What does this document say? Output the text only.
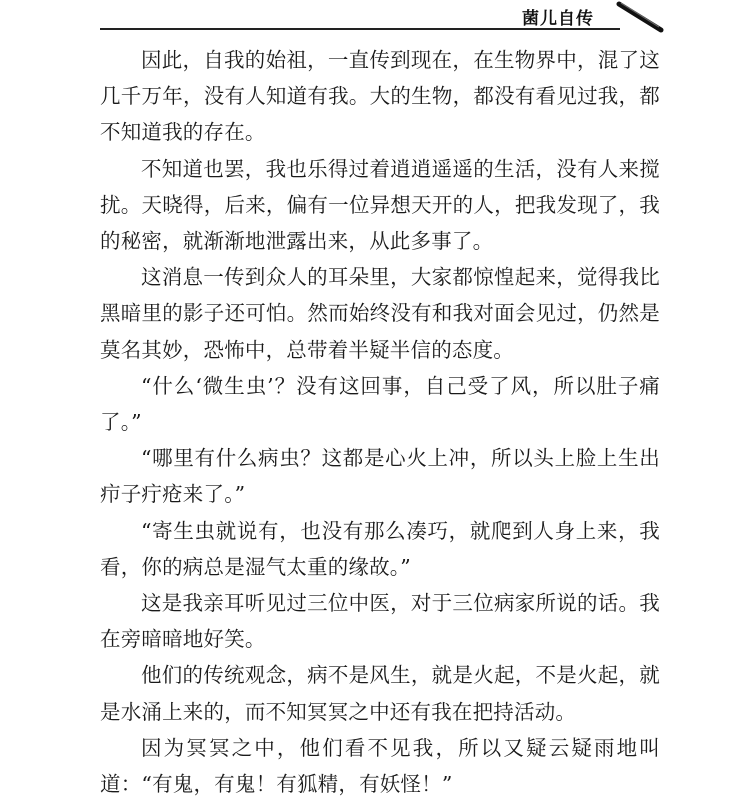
菌儿自传

因此，自我的始祖，一直传到现在，在生物界中，混了这几千万年，没有人知道有我。大的生物，都没有看见过我，都不知道我的存在。

不知道也罢，我也乐得过着逍逍遥遥的生活，没有人来搅扰。天晓得，后来，偏有一位异想天开的人，把我发现了，我的秘密，就渐渐地泄露出来，从此多事了。

这消息一传到众人的耳朵里，大家都惊惶起来，觉得我比黑暗里的影子还可怕。然而始终没有和我对面会见过，仍然是莫名其妙，恐怖中，总带着半疑半信的态度。

“什么‘微生虫’？没有这回事，自己受了风，所以肚子痛了。”

“哪里有什么病虫？这都是心火上冲，所以头上脸上生出疖子疔疮来了。”

“寄生虫就说有，也没有那么凑巧，就爬到人身上来，我看，你的病总是湿气太重的缘故。”

这是我亲耳听见过三位中医，对于三位病家所说的话。我在旁暗暗地好笑。

他们的传统观念，病不是风生，就是火起，不是火起，就是水涌上来的，而不知冥冥之中还有我在把持活动。

因为冥冥之中，他们看不见我，所以又疑云疑雨地叫道：“有鬼，有鬼！有狐精，有妖怪！”
